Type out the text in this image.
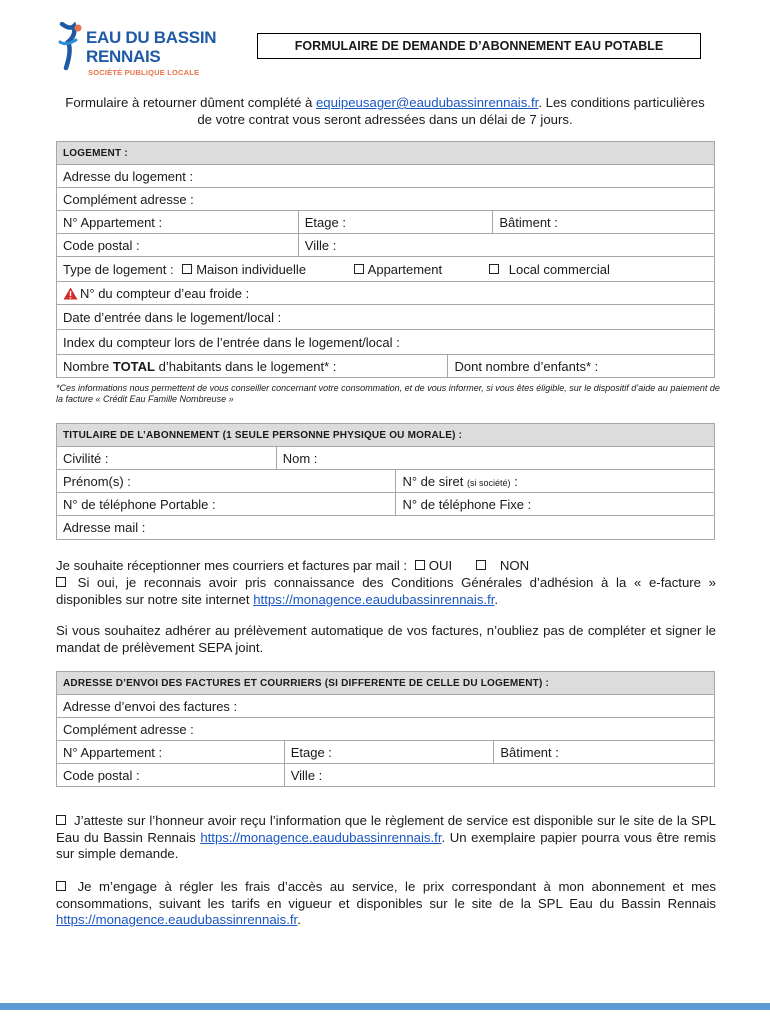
EAU DU BASSIN
RENNAIS
SOCIÉTÉ PUBLIQUE LOCALE
FORMULAIRE DE DEMANDE D’ABONNEMENT EAU POTABLE
Formulaire à retourner dûment complété à equipeusager@eaudubassinrennais.fr. Les conditions particulières de votre contrat vous seront adressées dans un délai de 7 jours.
LOGEMENT :			
Adresse du logement :			
Complément adresse :			
N° Appartement :	Etage :		Bâtiment :
Code postal :	Ville :		
Type de logement : Maison individuelle Appartement Local commercial			
N° du compteur d’eau froide :			
Date d’entrée dans le logement/local :			
Index du compteur lors de l’entrée dans le logement/local :			
Nombre TOTAL d’habitants dans le logement* :		Dont nombre d’enfants* :	
*Ces informations nous permettent de vous conseiller concernant votre consommation, et de vous informer, si vous êtes éligible, sur le dispositif d’aide au paiement de la facture « Crédit Eau Famille Nombreuse »
TITULAIRE DE L’ABONNEMENT (1 SEULE PERSONNE PHYSIQUE OU MORALE) :		
Civilité :	Nom :	
Prénom(s) :		N° de siret (si société) :
N° de téléphone Portable :		N° de téléphone Fixe :
Adresse mail :		
Je souhaite réceptionner mes courriers et factures par mail : OUI	NON
Si oui, je reconnais avoir pris connaissance des Conditions Générales d’adhésion à la « e-facture » disponibles sur notre site internet https://monagence.eaudubassinrennais.fr.
Si vous souhaitez adhérer au prélèvement automatique de vos factures, n’oubliez pas de compléter et signer le mandat de prélèvement SEPA joint.
ADRESSE D’ENVOI DES FACTURES ET COURRIERS (SI DIFFERENTE DE CELLE DU LOGEMENT) :		
Adresse d’envoi des factures :		
Complément adresse :		
N° Appartement :	Etage :	Bâtiment :
Code postal :	Ville :	
J’atteste sur l’honneur avoir reçu l’information que le règlement de service est disponible sur le site de la SPL Eau du Bassin Rennais https://monagence.eaudubassinrennais.fr. Un exemplaire papier pourra vous être remis sur simple demande.
Je m’engage à régler les frais d’accès au service, le prix correspondant à mon abonnement et mes consommations, suivant les tarifs en vigueur et disponibles sur le site de la SPL Eau du Bassin Rennais https://monagence.eaudubassinrennais.fr.
